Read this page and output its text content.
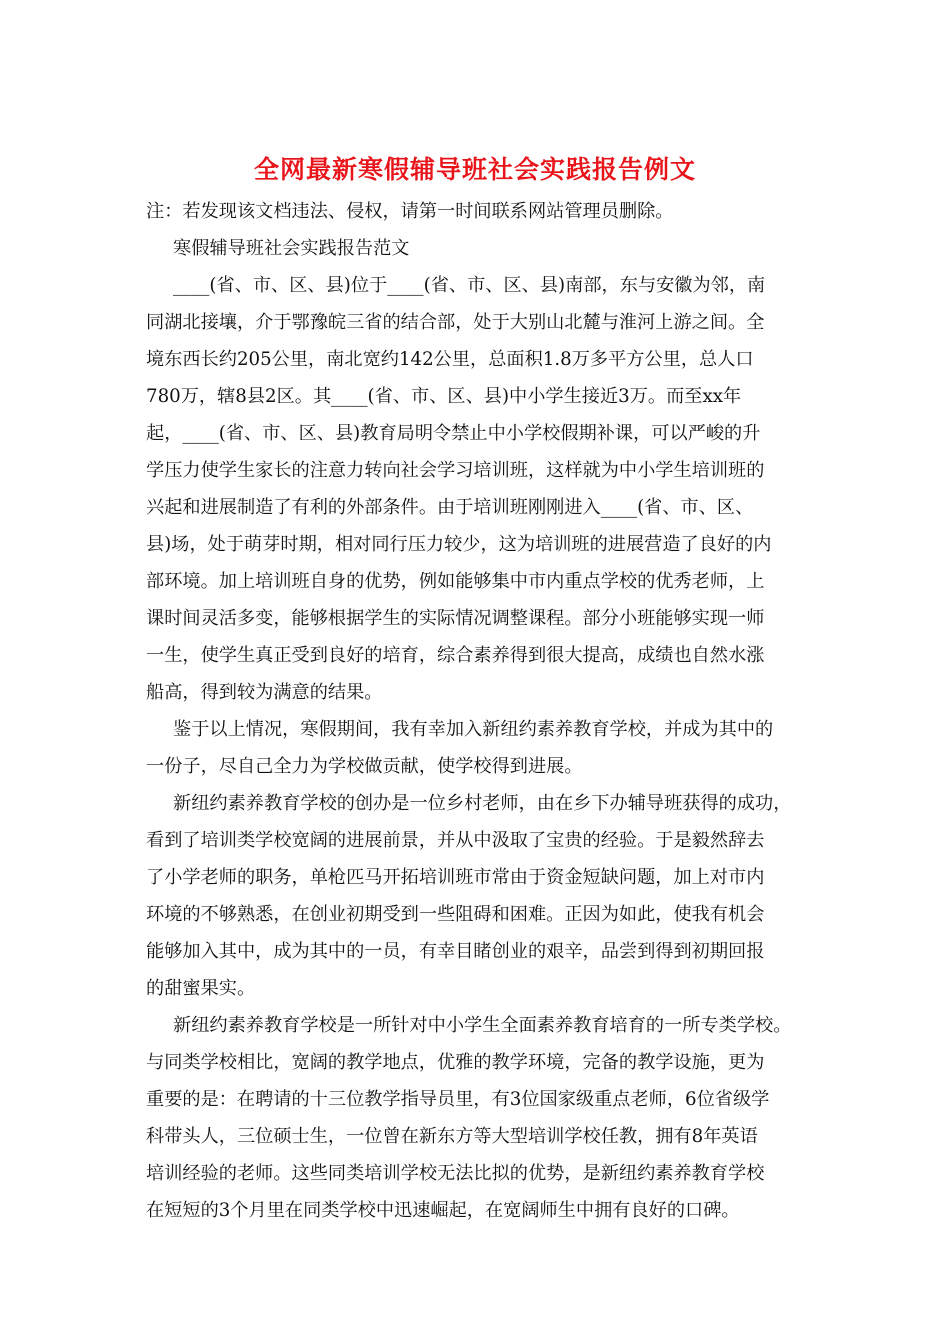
全网最新寒假辅导班社会实践报告例文
注：若发现该文档违法、侵权，请第一时间联系网站管理员删除。
寒假辅导班社会实践报告范文
____(省、市、区、县)位于____(省、市、区、县)南部，东与安徽为邻，南
同湖北接壤，介于鄂豫皖三省的结合部，处于大别山北麓与淮河上游之间。全
境东西长约205公里，南北宽约142公里，总面积1.8万多平方公里，总人口
780万，辖8县2区。其____(省、市、区、县)中小学生接近3万。而至xx年
起，____(省、市、区、县)教育局明令禁止中小学校假期补课，可以严峻的升
学压力使学生家长的注意力转向社会学习培训班，这样就为中小学生培训班的
兴起和进展制造了有利的外部条件。由于培训班刚刚进入____(省、市、区、
县)场，处于萌芽时期，相对同行压力较少，这为培训班的进展营造了良好的内
部环境。加上培训班自身的优势，例如能够集中市内重点学校的优秀老师，上
课时间灵活多变，能够根据学生的实际情况调整课程。部分小班能够实现一师
一生，使学生真正受到良好的培育，综合素养得到很大提高，成绩也自然水涨
船高，得到较为满意的结果。
鉴于以上情况，寒假期间，我有幸加入新纽约素养教育学校，并成为其中的
一份子，尽自己全力为学校做贡献，使学校得到进展。
新纽约素养教育学校的创办是一位乡村老师，由在乡下办辅导班获得的成功，
看到了培训类学校宽阔的进展前景，并从中汲取了宝贵的经验。于是毅然辞去
了小学老师的职务，单枪匹马开拓培训班市常由于资金短缺问题，加上对市内
环境的不够熟悉，在创业初期受到一些阻碍和困难。正因为如此，使我有机会
能够加入其中，成为其中的一员，有幸目睹创业的艰辛，品尝到得到初期回报
的甜蜜果实。
新纽约素养教育学校是一所针对中小学生全面素养教育培育的一所专类学校。
与同类学校相比，宽阔的教学地点，优雅的教学环境，完备的教学设施，更为
重要的是：在聘请的十三位教学指导员里，有3位国家级重点老师，6位省级学
科带头人，三位硕士生，一位曾在新东方等大型培训学校任教，拥有8年英语
培训经验的老师。这些同类培训学校无法比拟的优势，是新纽约素养教育学校
在短短的3个月里在同类学校中迅速崛起，在宽阔师生中拥有良好的口碑。
